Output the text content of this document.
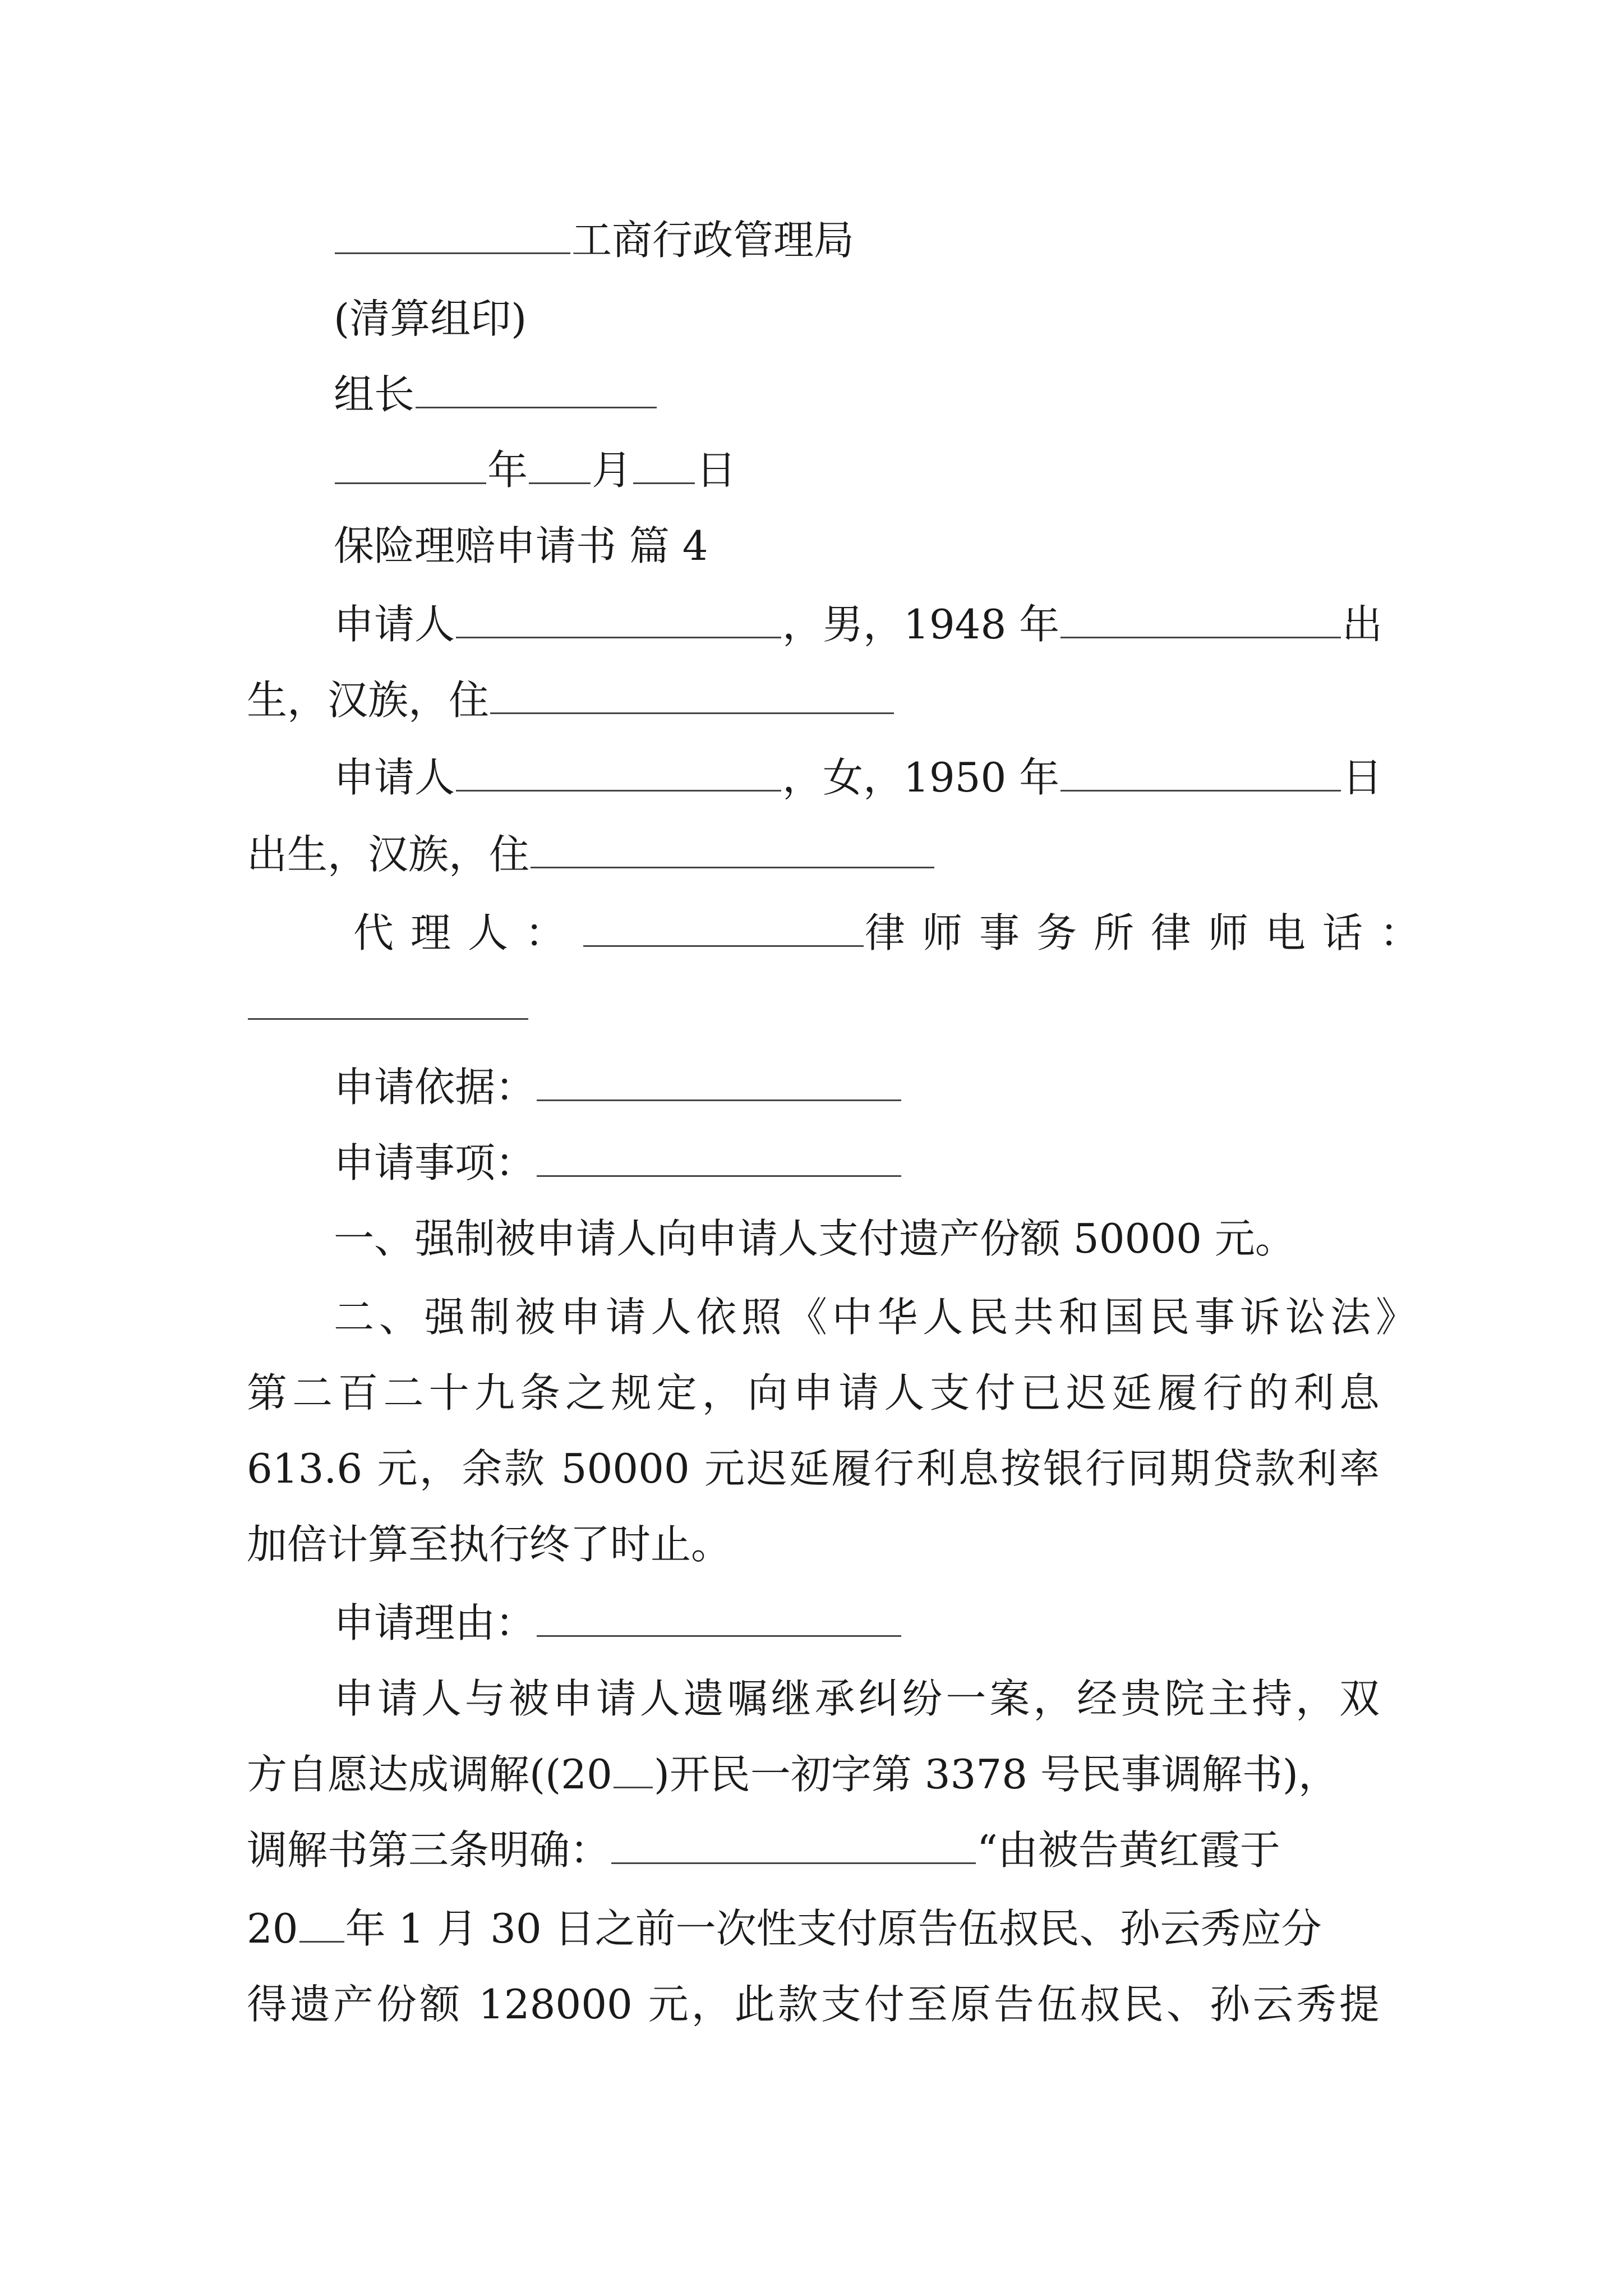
工商行政管理局
(清算组印)
组长
年 月 日
保险理赔申请书 篇 4
申请人	，男，1948 年	出
生，汉族，住
申请人	，女，1950 年	日
出生，汉族，住
代理人：	律师事务所律师电话：
申请依据：
申请事项：
一、强制被申请人向申请人支付遗产份额 50000 元。
二、强制被申请人依照《中华人民共和国民事诉讼法》
第二百二十九条之规定，向申请人支付已迟延履行的利息
613.6 元，余款 50000 元迟延履行利息按银行同期贷款利率
加倍计算至执行终了时止。
申请理由：
申请人与被申请人遗嘱继承纠纷一案，经贵院主持，双
方自愿达成调解((20 )开民一初字第 3378 号民事调解书)，
调解书第三条明确：	“由被告黄红霞于
20 年 1 月 30 日之前一次性支付原告伍叔民、孙云秀应分
得遗产份额 128000 元，此款支付至原告伍叔民、孙云秀提
